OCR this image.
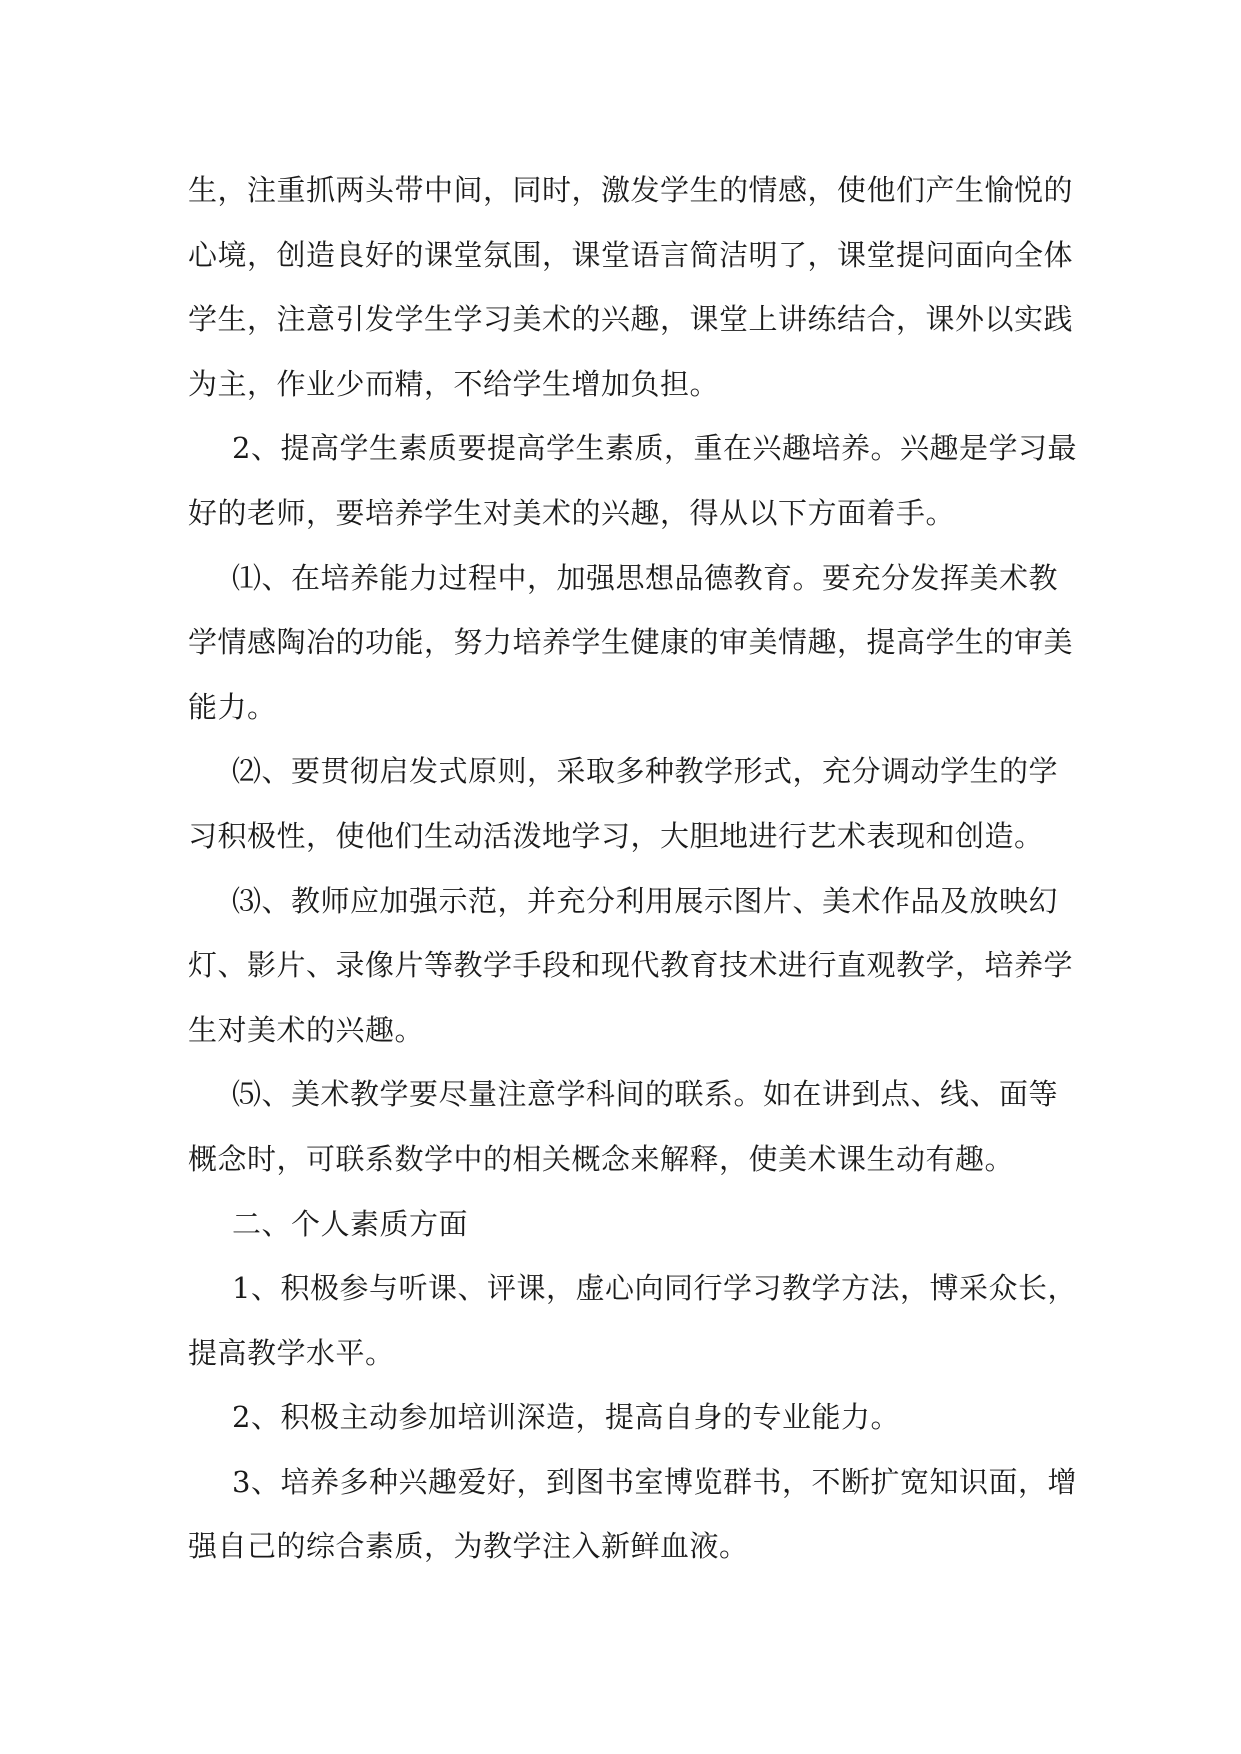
生，注重抓两头带中间，同时，激发学生的情感，使他们产生愉悦的
心境，创造良好的课堂氛围，课堂语言简洁明了，课堂提问面向全体
学生，注意引发学生学习美术的兴趣，课堂上讲练结合，课外以实践
为主，作业少而精，不给学生增加负担。
2、提高学生素质要提高学生素质，重在兴趣培养。兴趣是学习最
好的老师，要培养学生对美术的兴趣，得从以下方面着手。
⑴、在培养能力过程中，加强思想品德教育。要充分发挥美术教
学情感陶冶的功能，努力培养学生健康的审美情趣，提高学生的审美
能力。
⑵、要贯彻启发式原则，采取多种教学形式，充分调动学生的学
习积极性，使他们生动活泼地学习，大胆地进行艺术表现和创造。
⑶、教师应加强示范，并充分利用展示图片、美术作品及放映幻
灯、影片、录像片等教学手段和现代教育技术进行直观教学，培养学
生对美术的兴趣。
⑸、美术教学要尽量注意学科间的联系。如在讲到点、线、面等
概念时，可联系数学中的相关概念来解释，使美术课生动有趣。
二、个人素质方面
1、积极参与听课、评课，虚心向同行学习教学方法，博采众长，
提高教学水平。
2、积极主动参加培训深造，提高自身的专业能力。
3、培养多种兴趣爱好，到图书室博览群书，不断扩宽知识面，增
强自己的综合素质，为教学注入新鲜血液。
